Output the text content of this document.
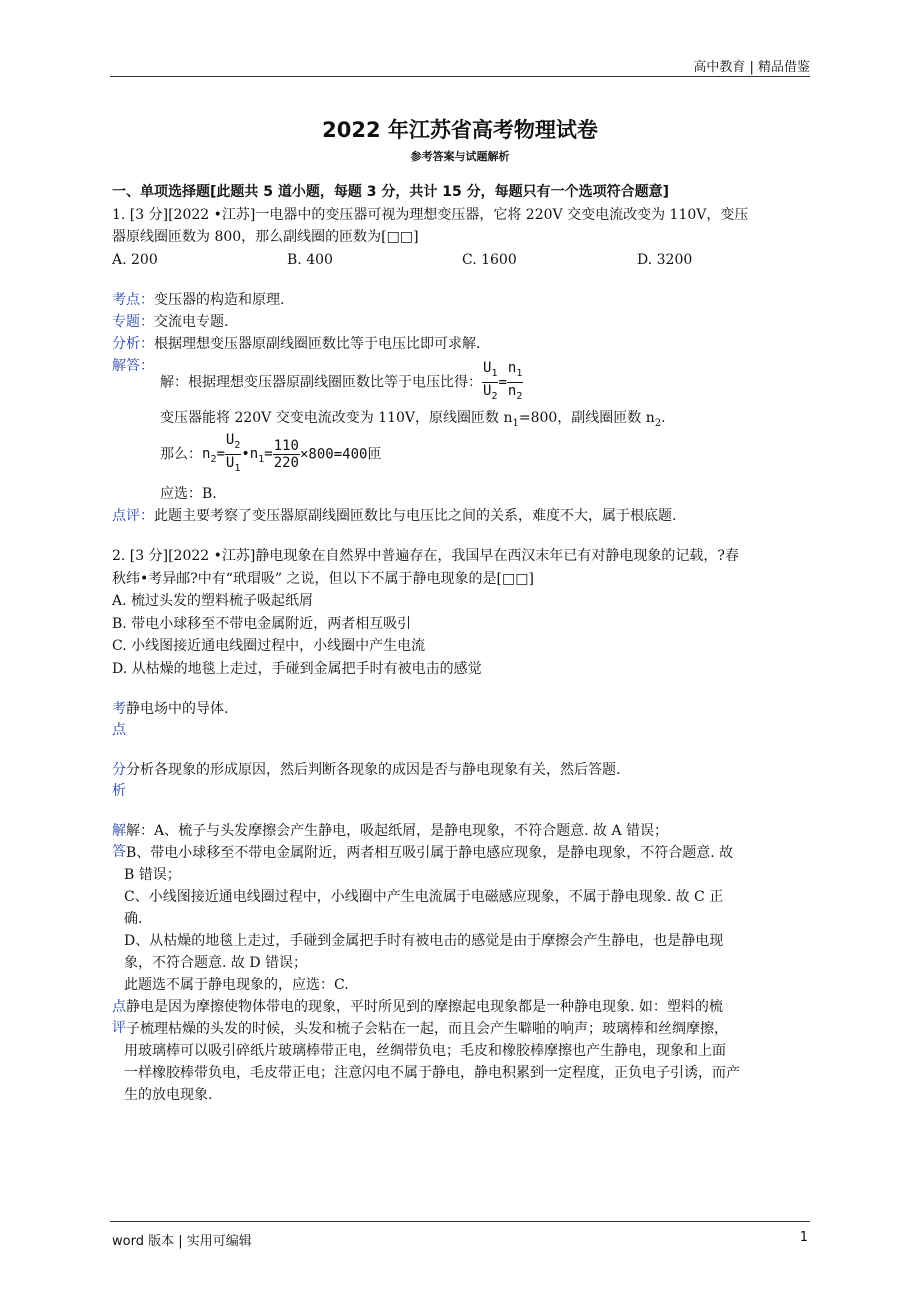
高中教育 | 精品借鉴
2022 年江苏省高考物理试卷
参考答案与试题解析
一、单项选择题[此题共 5 道小题，每题 3 分，共计 15 分，每题只有一个选项符合题意]
1. [3 分][2022 •江苏]一电器中的变压器可视为理想变压器，它将 220V 交变电流改变为 110V，变压
器原线圈匝数为 800，那么副线圈的匝数为[□□]
A. 200	B. 400	C. 1600	D. 3200
考点：变压器的构造和原理.
专题：交流电专题.
分析：根据理想变压器原副线圈匝数比等于电压比即可求解.
解答：
解：根据理想变压器原副线圈匝数比等于电压比得： $\frac{U_1}{U_2} = \frac{n_1}{n_2}$
变压器能将 220V 交变电流改变为 110V，原线圈匝数 $n_1=800$，副线圈匝数 $n_2$.
那么：$n_2= \frac{U_2}{U_1}$ $•n_1= \frac{110}{220} \times 800=400$匝
应选：B.
点评：此题主要考察了变压器原副线圈匝数比与电压比之间的关系，难度不大，属于根底题.
2. [3 分][2022 •江苏]静电现象在自然界中普遍存在，我国早在西汉末年已有对静电现象的记载，?春
秋纬•考异邮?中有“玳瑁吸” 之说，但以下不属于静电现象的是[□□]
A. 梳过头发的塑料梳子吸起纸屑
B. 带电小球移至不带电金属附近，两者相互吸引
C. 小线图接近通电线圈过程中，小线圈中产生电流
D. 从枯燥的地毯上走过，手碰到金属把手时有被电击的感觉
考
点
静电场中的导体.
分
析
分析各现象的形成原因，然后判断各现象的成因是否与静电现象有关，然后答题.
解
答
解：A、梳子与头发摩擦会产生静电，吸起纸屑，是静电现象，不符合题意. 故 A 错误；
B、带电小球移至不带电金属附近，两者相互吸引属于静电感应现象，是静电现象，不符合题意. 故
B 错误；
C、小线图接近通电线圈过程中，小线圈中产生电流属于电磁感应现象，不属于静电现象. 故 C 正
确.
D、从枯燥的地毯上走过，手碰到金属把手时有被电击的感觉是由于摩擦会产生静电，也是静电现
象，不符合题意. 故 D 错误；
此题选不属于静电现象的，应选：C.
点
评
静电是因为摩擦使物体带电的现象，平时所见到的摩擦起电现象都是一种静电现象. 如：塑料的梳
子梳理枯燥的头发的时候，头发和梳子会粘在一起，而且会产生噼啪的响声；玻璃棒和丝绸摩擦，
用玻璃棒可以吸引碎纸片玻璃棒带正电，丝绸带负电；毛皮和橡胶棒摩擦也产生静电，现象和上面
一样橡胶棒带负电，毛皮带正电；注意闪电不属于静电，静电积累到一定程度，正负电子引诱，而产
生的放电现象.
word 版本 | 实用可编辑	1
